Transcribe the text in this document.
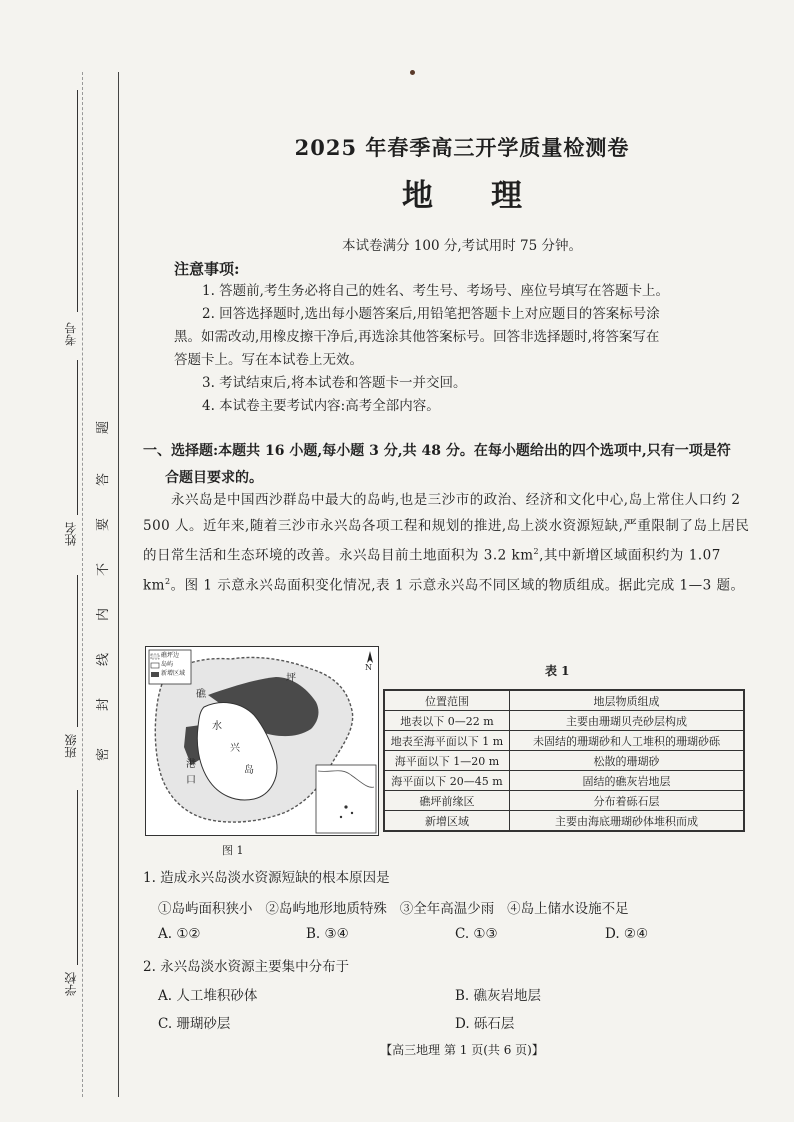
考号
姓名
班级
学校
题
答
要
不
内
线
封
密
2025 年春季高三开学质量检测卷
地理
本试卷满分 100 分,考试用时 75 分钟。
注意事项:
1. 答题前,考生务必将自己的姓名、考生号、考场号、座位号填写在答题卡上。
2. 回答选择题时,选出每小题答案后,用铅笔把答题卡上对应题目的答案标号涂
黑。如需改动,用橡皮擦干净后,再选涂其他答案标号。回答非选择题时,将答案写在
答题卡上。写在本试卷上无效。
3. 考试结束后,将本试卷和答题卡一并交回。
4. 本试卷主要考试内容:高考全部内容。
一、选择题:本题共 16 小题,每小题 3 分,共 48 分。在每小题给出的四个选项中,只有一项是符
合题目要求的。
永兴岛是中国西沙群岛中最大的岛屿,也是三沙市的政治、经济和文化中心,岛上常住人口约 2 500 人。近年来,随着三沙市永兴岛各项工程和规划的推进,岛上淡水资源短缺,严重限制了岛上居民的日常生活和生态环境的改善。永兴岛目前土地面积为 3.2 $km^2$,其中新增区域面积约为 1.07 $km^2$。图 1 示意永兴岛面积变化情况,表 1 示意永兴岛不同区域的物质组成。据此完成 1—3 题。
礁坪边
岛屿
新增区域
N
坪
礁
水
兴
岛
港
口
图 1
表 1
位置范围	地层物质组成
地表以下 0—22 m	主要由珊瑚贝壳砂层构成
地表至海平面以下 1 m	未固结的珊瑚砂和人工堆积的珊瑚砂砾
海平面以下 1—20 m	松散的珊瑚砂
海平面以下 20—45 m	固结的礁灰岩地层
礁坪前缘区	分布着砾石层
新增区域	主要由海底珊瑚砂体堆积而成
1. 造成永兴岛淡水资源短缺的根本原因是
①岛屿面积狭小   ②岛屿地形地质特殊   ③全年高温少雨   ④岛上储水设施不足
A. ①②	B. ③④	C. ①③	D. ②④
2. 永兴岛淡水资源主要集中分布于
A. 人工堆积砂体	B. 礁灰岩地层
C. 珊瑚砂层	D. 砾石层
【高三地理 第 1 页(共 6 页)】
